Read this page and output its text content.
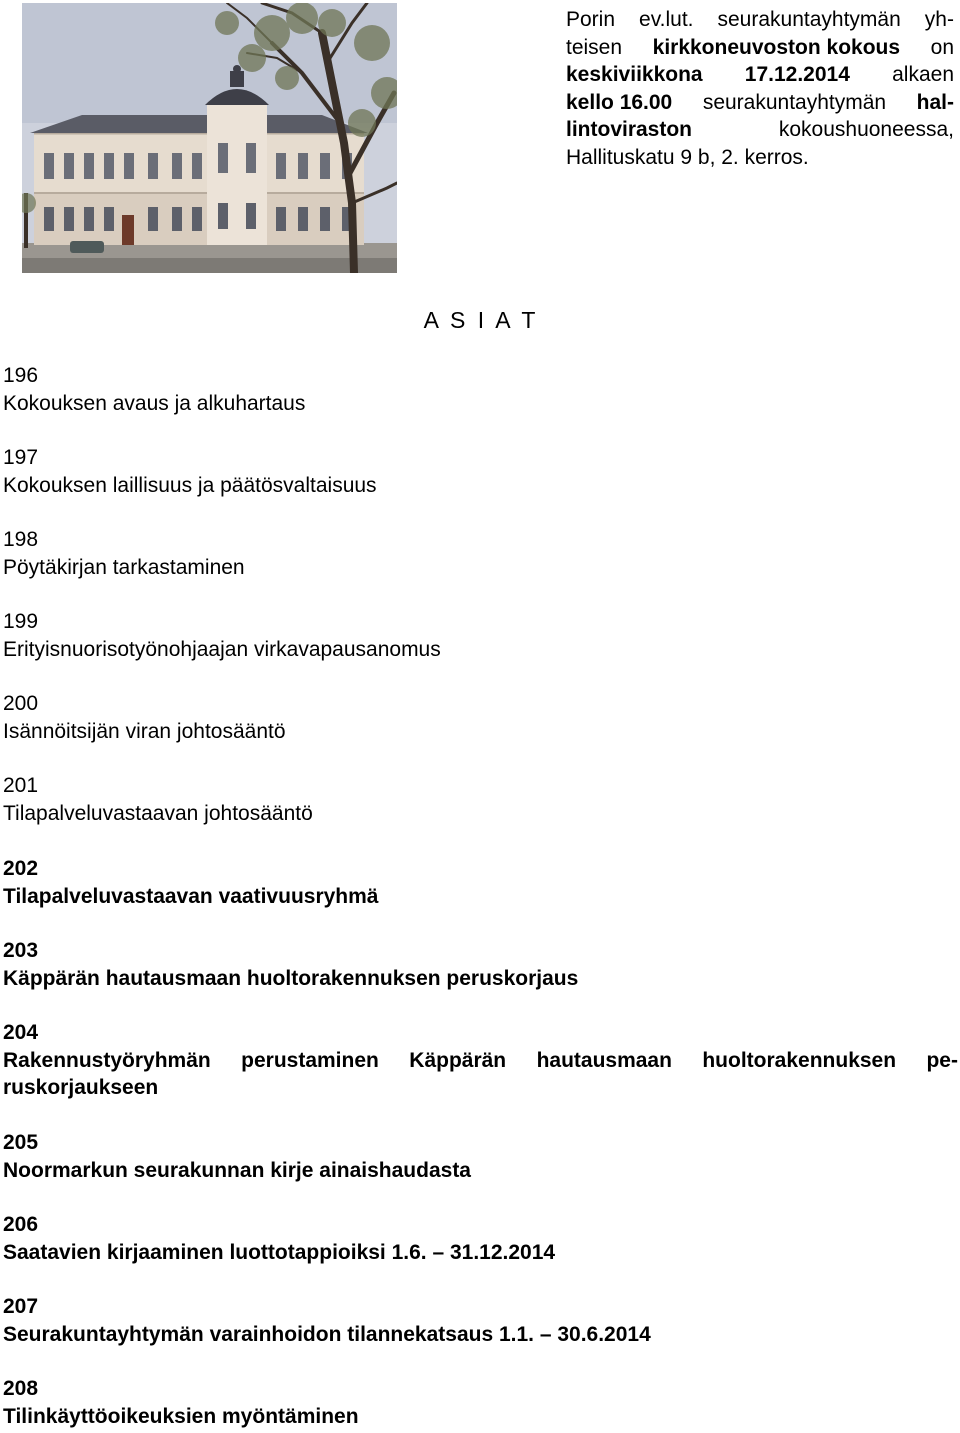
Porin ev.lut. seurakuntayhtymän yh-
teisen kirkkoneuvoston kokous on
keskiviikkona 17.12.2014 alkaen
kello 16.00 seurakuntayhtymän hal-
lintoviraston	kokoushuoneessa,
Hallituskatu 9 b, 2. kerros.
A S I A T
196
Kokouksen avaus ja alkuhartaus
197
Kokouksen laillisuus ja päätösvaltaisuus
198
Pöytäkirjan tarkastaminen
199
Erityisnuorisotyönohjaajan virkavapausanomus
200
Isännöitsijän viran johtosääntö
201
Tilapalveluvastaavan johtosääntö
202
Tilapalveluvastaavan vaativuusryhmä
203
Käppärän hautausmaan huoltorakennuksen peruskorjaus
204
Rakennustyöryhmän perustaminen Käppärän hautausmaan huoltorakennuksen pe-
ruskorjaukseen
205
Noormarkun seurakunnan kirje ainaishaudasta
206
Saatavien kirjaaminen luottotappioiksi 1.6. – 31.12.2014
207
Seurakuntayhtymän varainhoidon tilannekatsaus 1.1. – 30.6.2014
208
Tilinkäyttöoikeuksien myöntäminen
